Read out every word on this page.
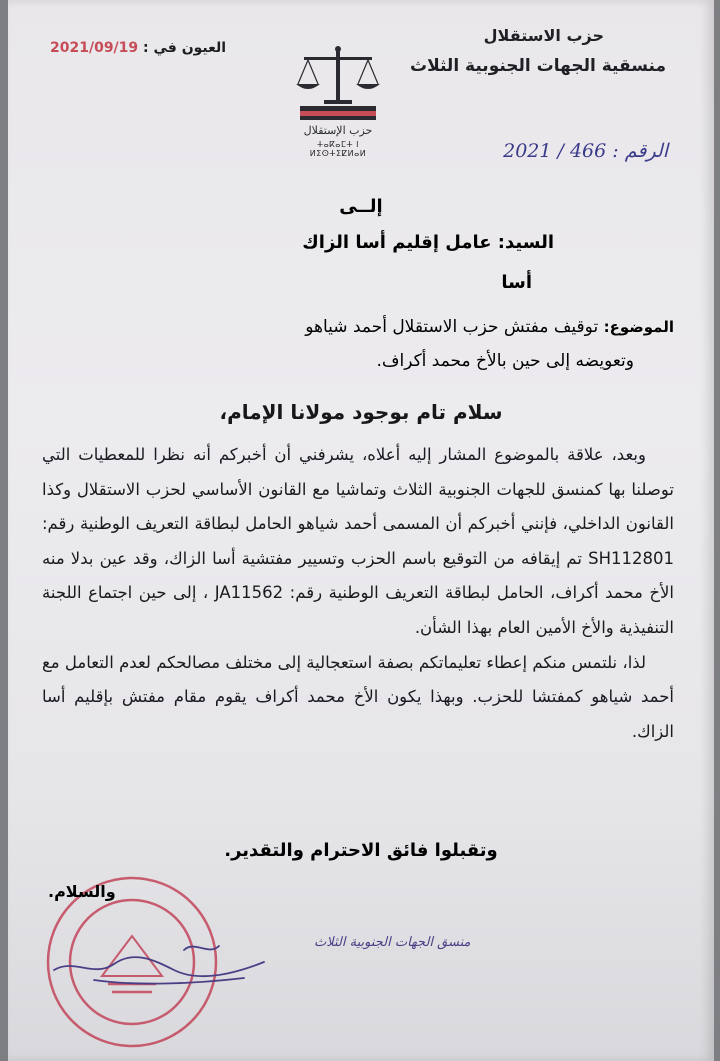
حزب الاستقلال
منسقية الجهات الجنوبية الثلاث
الرقم : 466 / 2021
العيون في : 2021/09/19
حزب الإستقلال
ⵜⴰⴽⴰⵎⵜ ⵏ ⵍⵉⵙⵜⵉⵇⵍⴰⵍ
إلــى
السيد: عامل إقليم أسا الزاك
أسا
الموضوع: توقيف مفتش حزب الاستقلال أحمد شياهو
وتعويضه إلى حين بالأخ محمد أكراف.
سلام تام بوجود مولانا الإمام،

وبعد، علاقة بالموضوع المشار إليه أعلاه، يشرفني أن أخبركم أنه نظرا للمعطيات التي توصلنا بها كمنسق للجهات الجنوبية الثلاث وتماشيا مع القانون الأساسي لحزب الاستقلال وكذا القانون الداخلي، فإنني أخبركم أن المسمى أحمد شياهو الحامل لبطاقة التعريف الوطنية رقم: SH112801 تم إيقافه من التوقيع باسم الحزب وتسيير مفتشية أسا الزاك، وقد عين بدلا منه الأخ محمد أكراف، الحامل لبطاقة التعريف الوطنية رقم: JA11562 ، إلى حين اجتماع اللجنة التنفيذية والأخ الأمين العام بهذا الشأن.

لذا، نلتمس منكم إعطاء تعليماتكم بصفة استعجالية إلى مختلف مصالحكم لعدم التعامل مع أحمد شياهو كمفتشا للحزب. وبهذا يكون الأخ محمد أكراف يقوم مقام مفتش بإقليم أسا الزاك.

وتقبلوا فائق الاحترام والتقدير.
والسلام.
منسق الجهات الجنوبية الثلاث
